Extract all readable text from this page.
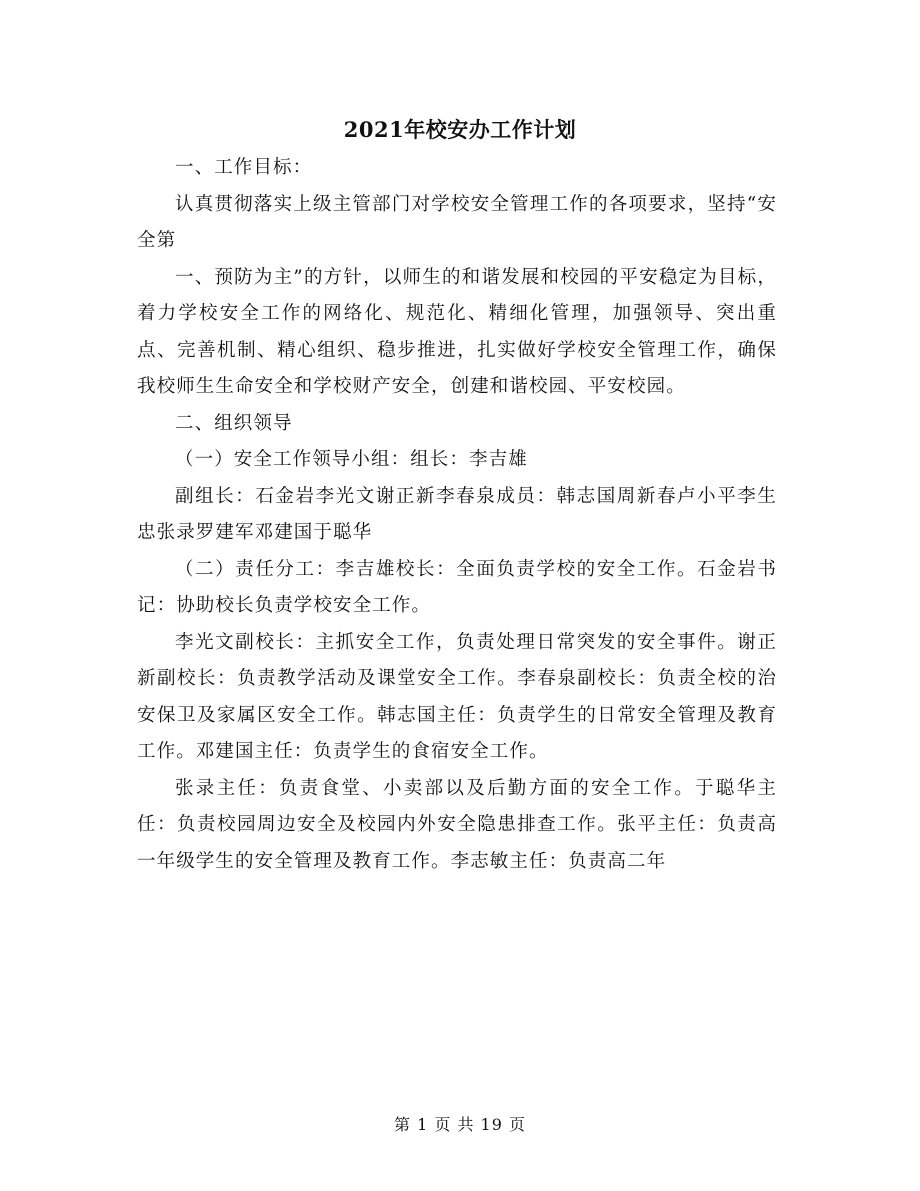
2021年校安办工作计划

一、工作目标：

认真贯彻落实上级主管部门对学校安全管理工作的各项要求，坚持“安全第

一、预防为主”的方针，以师生的和谐发展和校园的平安稳定为目标，着力学校安全工作的网络化、规范化、精细化管理，加强领导、突出重点、完善机制、精心组织、稳步推进，扎实做好学校安全管理工作，确保我校师生生命安全和学校财产安全，创建和谐校园、平安校园。

二、组织领导

（一）安全工作领导小组：组长：李吉雄

副组长：石金岩李光文谢正新李春泉成员：韩志国周新春卢小平李生忠张录罗建军邓建国于聪华

（二）责任分工：李吉雄校长：全面负责学校的安全工作。石金岩书记：协助校长负责学校安全工作。

李光文副校长：主抓安全工作，负责处理日常突发的安全事件。谢正新副校长：负责教学活动及课堂安全工作。李春泉副校长：负责全校的治安保卫及家属区安全工作。韩志国主任：负责学生的日常安全管理及教育工作。邓建国主任：负责学生的食宿安全工作。

张录主任：负责食堂、小卖部以及后勤方面的安全工作。于聪华主任：负责校园周边安全及校园内外安全隐患排查工作。张平主任：负责高一年级学生的安全管理及教育工作。李志敏主任：负责高二年

第 1 页 共 19 页
